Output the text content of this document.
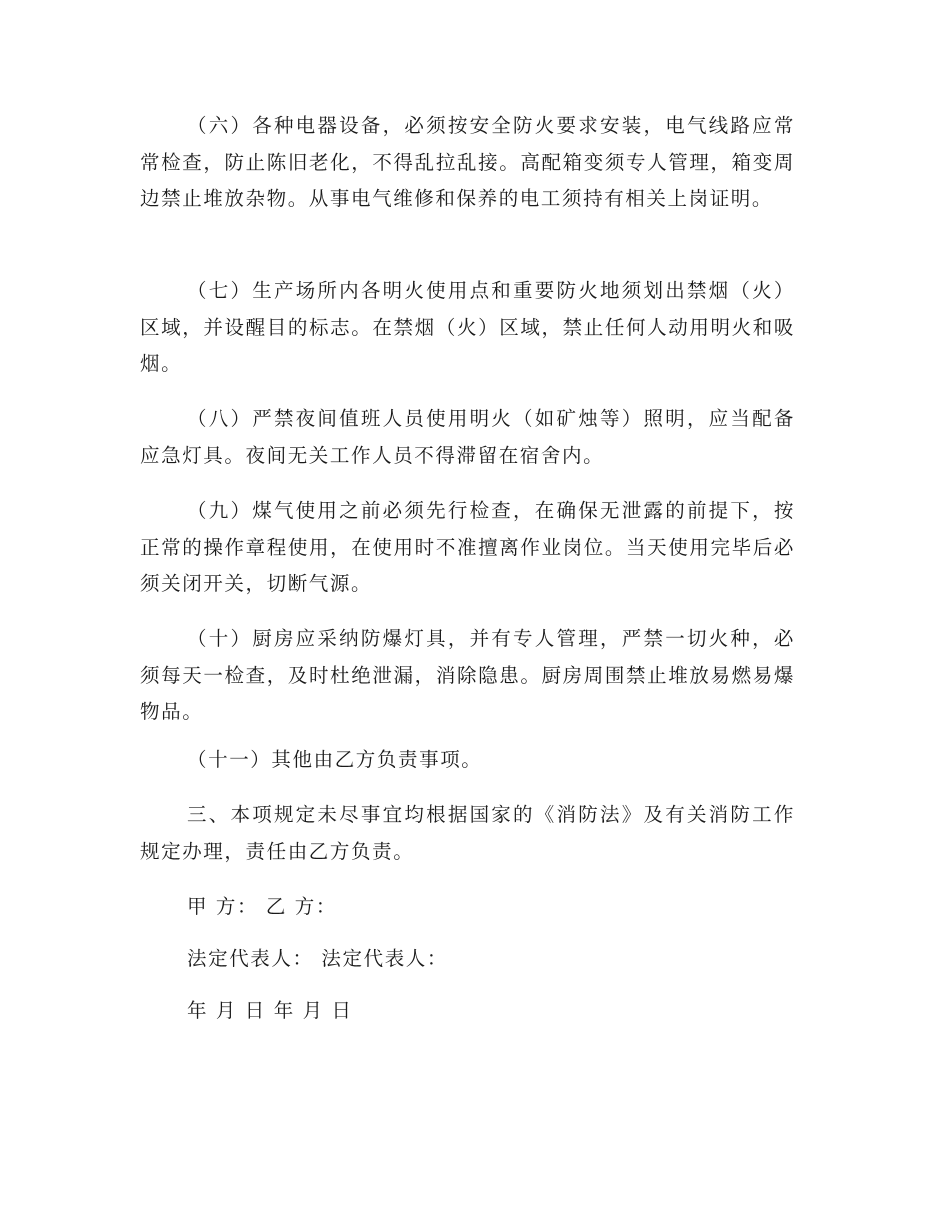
（六）各种电器设备，必须按安全防火要求安装，电气线路应常常检查，防止陈旧老化，不得乱拉乱接。高配箱变须专人管理，箱变周边禁止堆放杂物。从事电气维修和保养的电工须持有相关上岗证明。

（七）生产场所内各明火使用点和重要防火地须划出禁烟（火）区域，并设醒目的标志。在禁烟（火）区域，禁止任何人动用明火和吸烟。

（八）严禁夜间值班人员使用明火（如矿烛等）照明，应当配备应急灯具。夜间无关工作人员不得滞留在宿舍内。

（九）煤气使用之前必须先行检查，在确保无泄露的前提下，按正常的操作章程使用，在使用时不准擅离作业岗位。当天使用完毕后必须关闭开关，切断气源。

（十）厨房应采纳防爆灯具，并有专人管理，严禁一切火种，必须每天一检查，及时杜绝泄漏，消除隐患。厨房周围禁止堆放易燃易爆物品。

（十一）其他由乙方负责事项。

三、本项规定未尽事宜均根据国家的《消防法》及有关消防工作规定办理，责任由乙方负责。

甲 方： 乙 方：

法定代表人： 法定代表人：

年 月 日 年 月 日
